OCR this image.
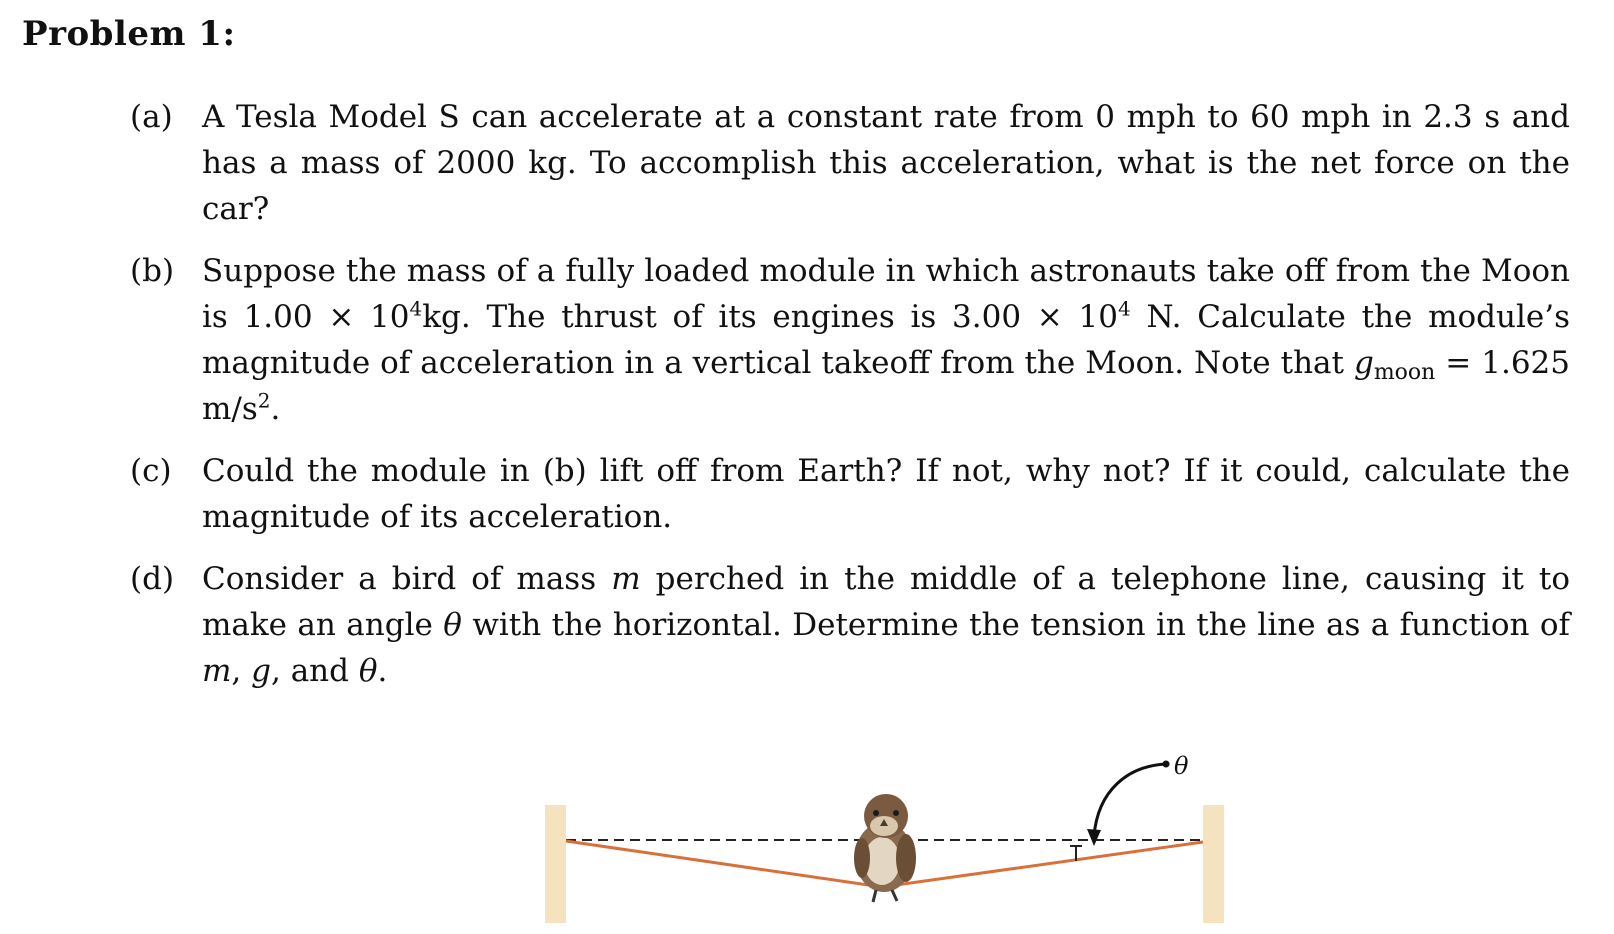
Problem 1:
(a) A Tesla Model S can accelerate at a constant rate from 0 mph to 60 mph in 2.3 s and has a mass of 2000 kg. To accomplish this acceleration, what is the net force on the car?
(b) Suppose the mass of a fully loaded module in which astronauts take off from the Moon is $1.00 \times 10^4kg$. The thrust of its engines is $3.00 \times 10^4$ N. Calculate the module’s magnitude of acceleration in a vertical takeoff from the Moon. Note that $g_{moon} = 1.625$ $m/s^2$.
(c) Could the module in (b) lift off from Earth? If not, why not? If it could, calculate the magnitude of its acceleration.
(d) Consider a bird of mass m perched in the middle of a telephone line, causing it to make an angle θ with the horizontal. Determine the tension in the line as a function of m, g, and θ.
θ
